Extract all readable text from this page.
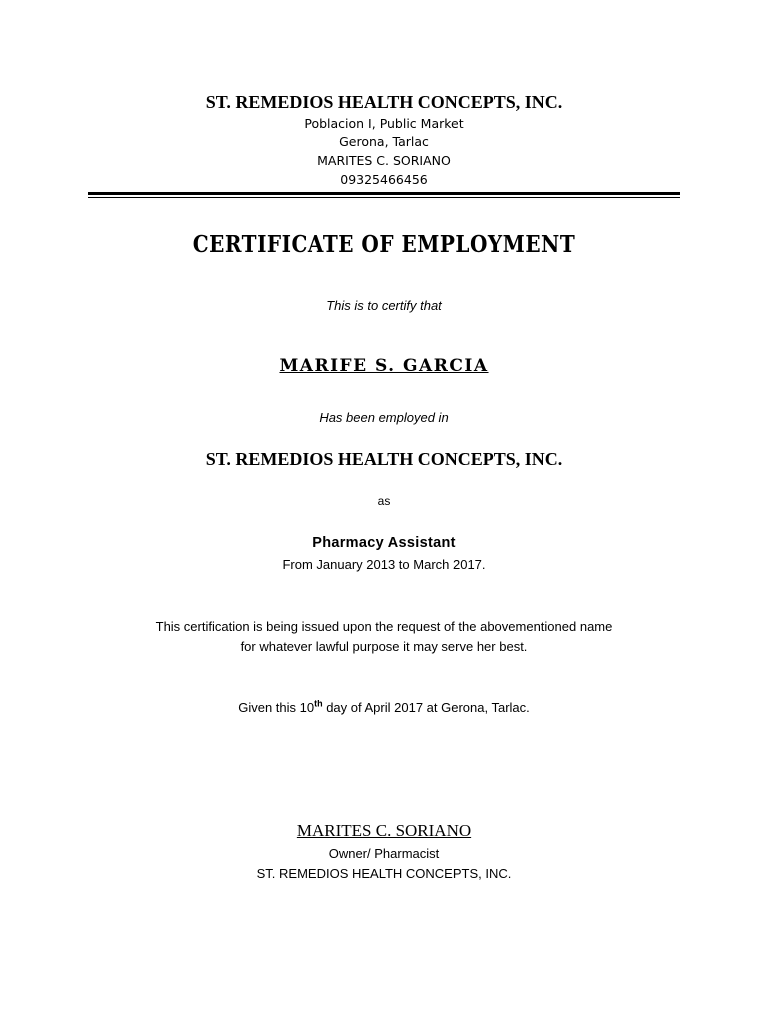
ST. REMEDIOS HEALTH CONCEPTS, INC.
Poblacion I, Public Market
Gerona, Tarlac
MARITES C. SORIANO
09325466456
CERTIFICATE OF EMPLOYMENT
This is to certify that
MARIFE S. GARCIA
Has been employed in
ST. REMEDIOS HEALTH CONCEPTS, INC.
as
Pharmacy Assistant
From January 2013 to March 2017.
This certification is being issued upon the request of the abovementioned name
for whatever lawful purpose it may serve her best.
Given this 10th day of April 2017 at Gerona, Tarlac.
MARITES C. SORIANO
Owner/ Pharmacist
ST. REMEDIOS HEALTH CONCEPTS, INC.
